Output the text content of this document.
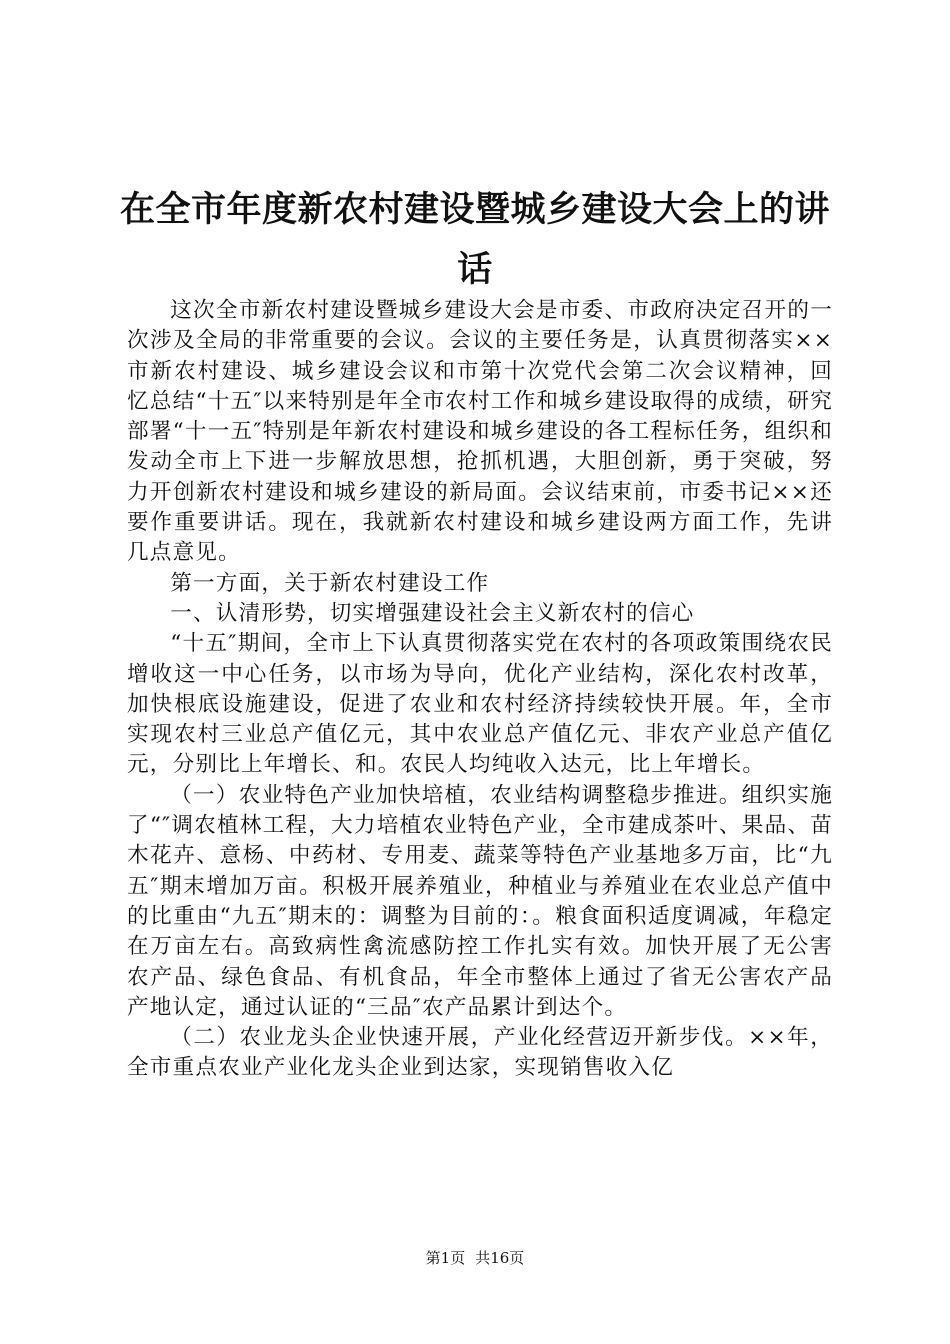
在全市年度新农村建设暨城乡建设大会上的讲话

这次全市新农村建设暨城乡建设大会是市委、市政府决定召开的一次涉及全局的非常重要的会议。会议的主要任务是，认真贯彻落实××市新农村建设、城乡建设会议和市第十次党代会第二次会议精神，回忆总结“十五″以来特别是年全市农村工作和城乡建设取得的成绩，研究部署“十一五″特别是年新农村建设和城乡建设的各工程标任务，组织和发动全市上下进一步解放思想，抢抓机遇，大胆创新，勇于突破，努力开创新农村建设和城乡建设的新局面。会议结束前，市委书记××还要作重要讲话。现在，我就新农村建设和城乡建设两方面工作，先讲几点意见。

第一方面，关于新农村建设工作

一、认清形势，切实增强建设社会主义新农村的信心

“十五″期间，全市上下认真贯彻落实党在农村的各项政策围绕农民增收这一中心任务，以市场为导向，优化产业结构，深化农村改革，加快根底设施建设，促进了农业和农村经济持续较快开展。年，全市实现农村三业总产值亿元，其中农业总产值亿元、非农产业总产值亿元，分别比上年增长、和。农民人均纯收入达元，比上年增长。

（一）农业特色产业加快培植，农业结构调整稳步推进。组织实施了“″调农植林工程，大力培植农业特色产业，全市建成茶叶、果品、苗木花卉、意杨、中药材、专用麦、蔬菜等特色产业基地多万亩，比“九五″期末增加万亩。积极开展养殖业，种植业与养殖业在农业总产值中的比重由“九五″期末的：调整为目前的：。粮食面积适度调减，年稳定在万亩左右。高致病性禽流感防控工作扎实有效。加快开展了无公害农产品、绿色食品、有机食品，年全市整体上通过了省无公害农产品产地认定，通过认证的“三品″农产品累计到达个。

（二）农业龙头企业快速开展，产业化经营迈开新步伐。××年，全市重点农业产业化龙头企业到达家，实现销售收入亿

第1页 共16页
